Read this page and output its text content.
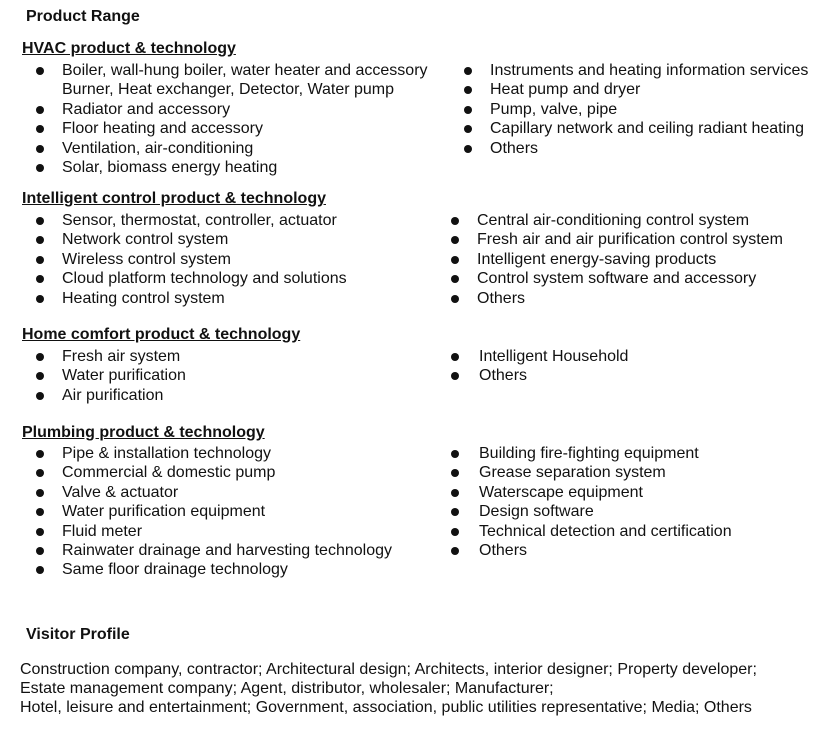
Product Range
HVAC product & technology
Boiler, wall-hung boiler, water heater and accessory
Burner, Heat exchanger, Detector, Water pump
Radiator and accessory
Floor heating and accessory
Ventilation, air-conditioning
Solar, biomass energy heating
Instruments and heating information services
Heat pump and dryer
Pump, valve, pipe
Capillary network and ceiling radiant heating
Others
Intelligent control product & technology
Sensor, thermostat, controller, actuator
Network control system
Wireless control system
Cloud platform technology and solutions
Heating control system
Central air-conditioning control system
Fresh air and air purification control system
Intelligent energy-saving products
Control system software and accessory
Others
Home comfort product & technology
Fresh air system
Water purification
Air purification
Intelligent Household
Others
Plumbing product & technology
Pipe & installation technology
Commercial & domestic pump
Valve & actuator
Water purification equipment
Fluid meter
Rainwater drainage and harvesting technology
Same floor drainage technology
Building fire-fighting equipment
Grease separation system
Waterscape equipment
Design software
Technical detection and certification
Others
Visitor Profile
Construction company, contractor; Architectural design; Architects, interior designer; Property developer;
Estate management company; Agent, distributor, wholesaler; Manufacturer;
Hotel, leisure and entertainment; Government, association, public utilities representative; Media; Others
